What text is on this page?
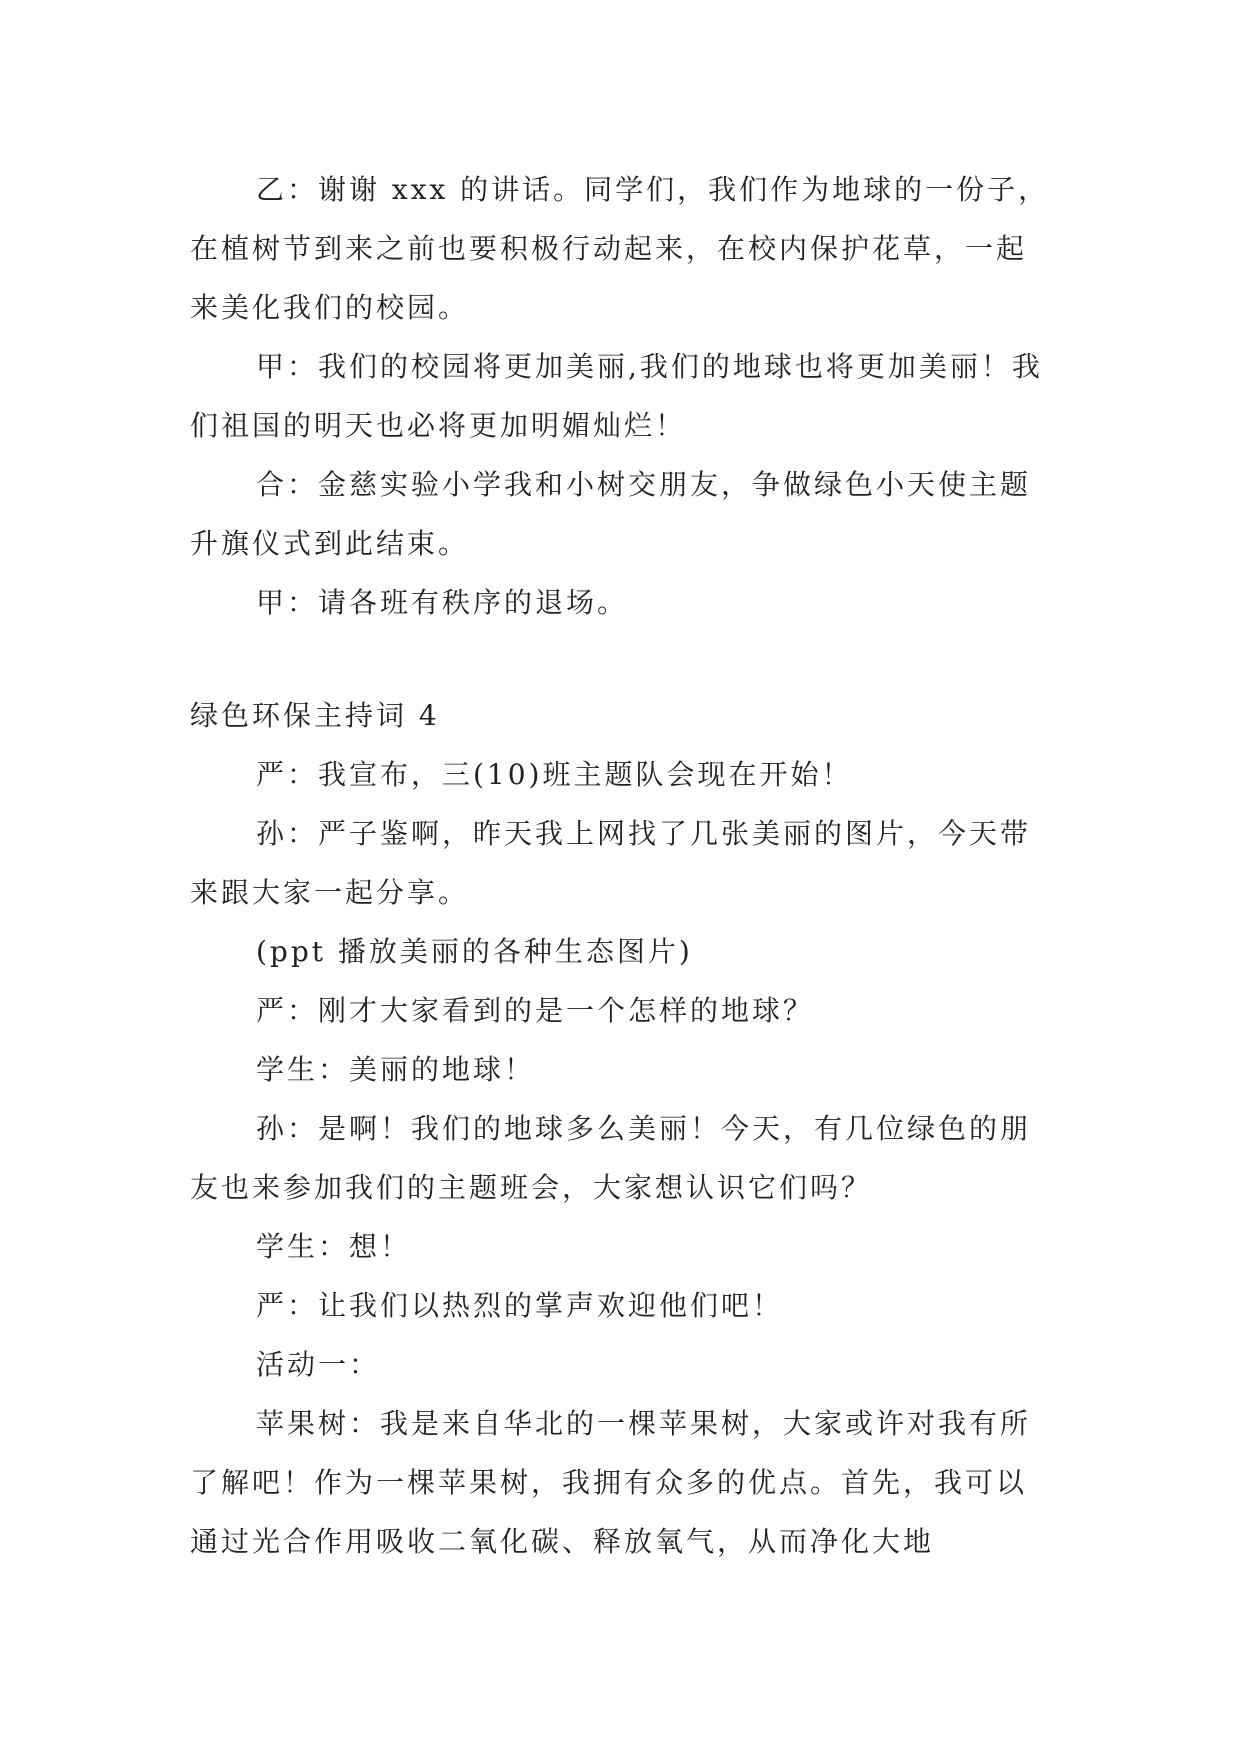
乙：谢谢 xxx 的讲话。同学们，我们作为地球的一份子，在植树节到来之前也要积极行动起来，在校内保护花草，一起来美化我们的校园。

甲：我们的校园将更加美丽,我们的地球也将更加美丽！我们祖国的明天也必将更加明媚灿烂！

合：金慈实验小学我和小树交朋友，争做绿色小天使主题升旗仪式到此结束。

甲：请各班有秩序的退场。

绿色环保主持词 4

严：我宣布，三(10)班主题队会现在开始！

孙：严子鉴啊，昨天我上网找了几张美丽的图片，今天带来跟大家一起分享。

(ppt 播放美丽的各种生态图片)

严：刚才大家看到的是一个怎样的地球？

学生：美丽的地球！

孙：是啊！我们的地球多么美丽！今天，有几位绿色的朋友也来参加我们的主题班会，大家想认识它们吗？

学生：想！

严：让我们以热烈的掌声欢迎他们吧！

活动一：

苹果树：我是来自华北的一棵苹果树，大家或许对我有所了解吧！作为一棵苹果树，我拥有众多的优点。首先，我可以通过光合作用吸收二氧化碳、释放氧气，从而净化大地
